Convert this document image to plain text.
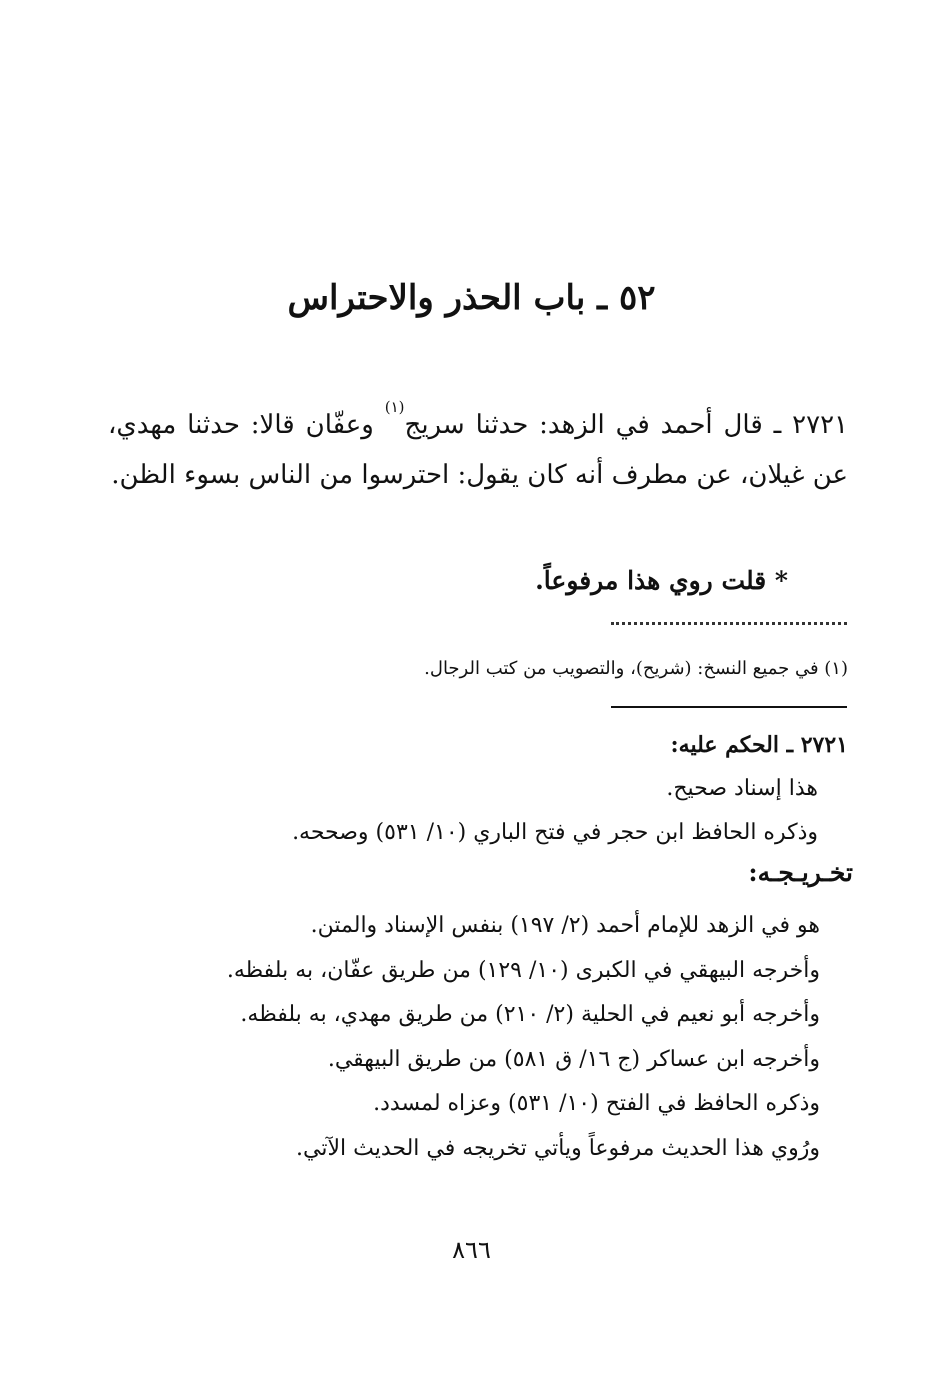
٥٢ ـ باب الحذر والاحتراس

٢٧٢١ ـ قال أحمد في الزهد: حدثنا سريج$^{(١)}$ وعفّان قالا: حدثنا مهدي، عن غيلان، عن مطرف أنه كان يقول: احترسوا من الناس بسوء الظن.

* قلت روي هذا مرفوعاً.
(١) في جميع النسخ: (شريح)، والتصويب من كتب الرجال.
٢٧٢١ ـ الحكم عليه:
هذا إسناد صحيح.
وذكره الحافظ ابن حجر في فتح الباري (١٠/ ٥٣١) وصححه.
تخـريـجـه:
هو في الزهد للإمام أحمد (٢/ ١٩٧) بنفس الإسناد والمتن.
وأخرجه البيهقي في الكبرى (١٠/ ١٢٩) من طريق عفّان، به بلفظه.
وأخرجه أبو نعيم في الحلية (٢/ ٢١٠) من طريق مهدي، به بلفظه.
وأخرجه ابن عساكر (ج ١٦/ ق ٥٨١) من طريق البيهقي.
وذكره الحافظ في الفتح (١٠/ ٥٣١) وعزاه لمسدد.
ورُوي هذا الحديث مرفوعاً ويأتي تخريجه في الحديث الآتي.
٨٦٦
